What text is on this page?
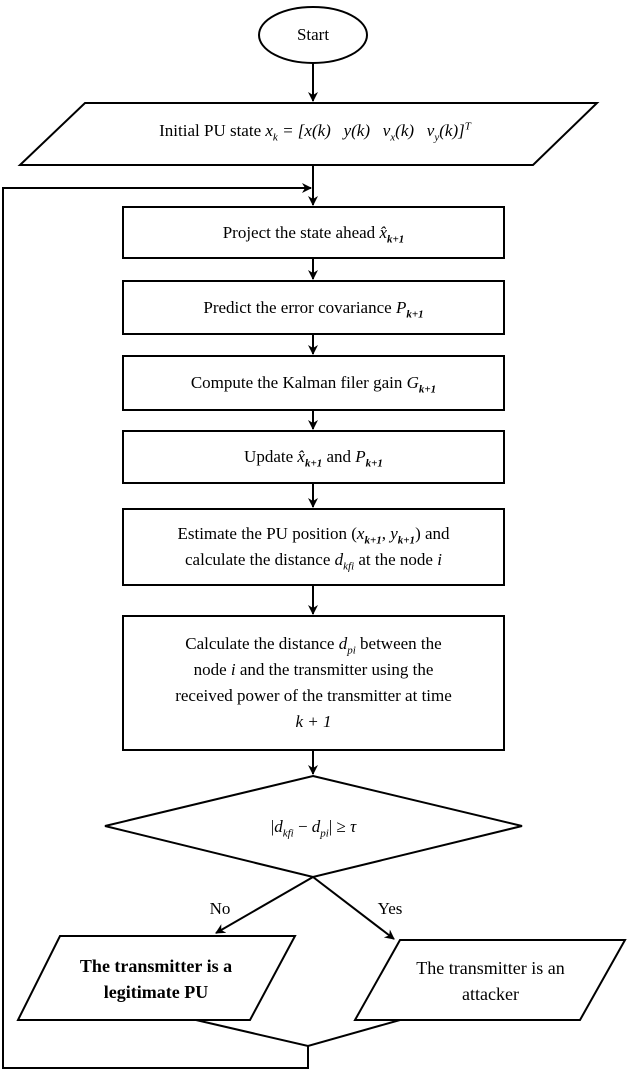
Start
Initial PU state $x_k = [x(k)$   y(k)   $v_x(k)$   $v_y(k)]^T$
Project the state ahead $x̂_{k+1}$
Predict the error covariance $P_{k+1}$
Compute the Kalman filer gain $G_{k+1}$
Update $x̂_{k+1}$ and $P_{k+1}$
Estimate the PU position ($x_{k+1}$, $y_{k+1}$) and
calculate the distance $d_{kfi}$ at the node i
Calculate the distance $d_{pi}$ between the
node i and the transmitter using the
received power of the transmitter at time
k + 1
$|d_{kfi} - d_{pi}| \ge \tau$
No	Yes
The transmitter is a
legitimate PU
The transmitter is an
attacker
